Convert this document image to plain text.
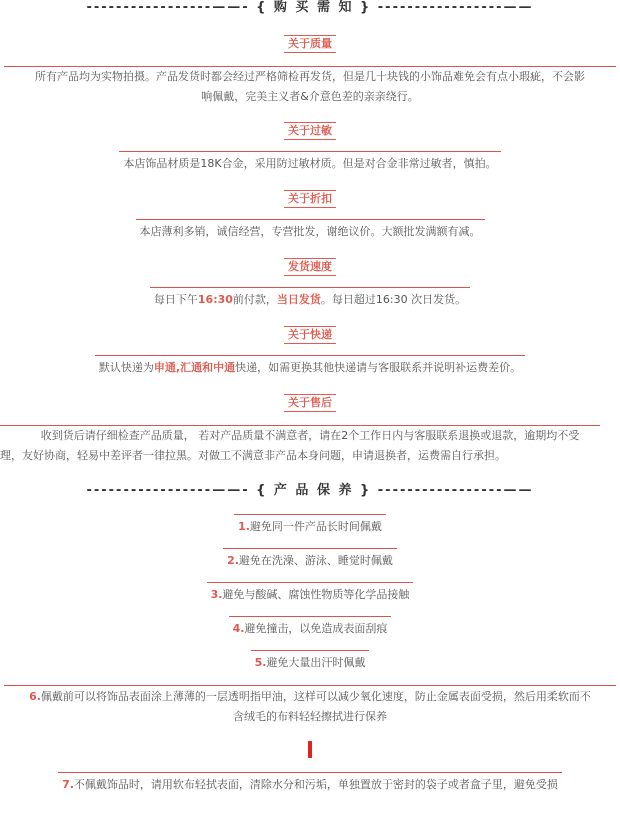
-----------------——- { 购 买 需 知 } -----------------——
关于质量
所有产品均为实物拍摄。产品发货时都会经过严格筛检再发货，但是几十块钱的小饰品难免会有点小瑕疵，不会影
响佩戴，完美主义者&介意色差的亲亲绕行。
关于过敏
本店饰品材质是18K合金，采用防过敏材质。但是对合金非常过敏者，慎拍。
关于折扣
本店薄利多销，诚信经营，专营批发，谢绝议价。大额批发满额有减。
发货速度
每日下午16:30前付款，当日发货。每日超过16:30 次日发货。
关于快递
默认快递为申通,汇通和中通快递，如需更换其他快递请与客服联系并说明补运费差价。
关于售后
收到货后请仔细检查产品质量， 若对产品质量不满意者，请在2个工作日内与客服联系退换或退款，逾期均不受
理，友好协商，轻易中差评者一律拉黑。对做工不满意非产品本身问题，申请退换者，运费需自行承担。
-----------------——- { 产 品 保 养 } -----------------——
1.避免同一件产品长时间佩戴
2.避免在洗澡、游泳、睡觉时佩戴
3.避免与酸碱、腐蚀性物质等化学品接触
4.避免撞击，以免造成表面刮痕
5.避免大量出汗时佩戴
6.佩戴前可以将饰品表面涂上薄薄的一层透明指甲油，这样可以减少氧化速度，防止金属表面受损，然后用柔软而不
含绒毛的布料轻轻擦拭进行保养
7.不佩戴饰品时，请用软布轻拭表面，清除水分和污垢，单独置放于密封的袋子或者盒子里，避免受损
